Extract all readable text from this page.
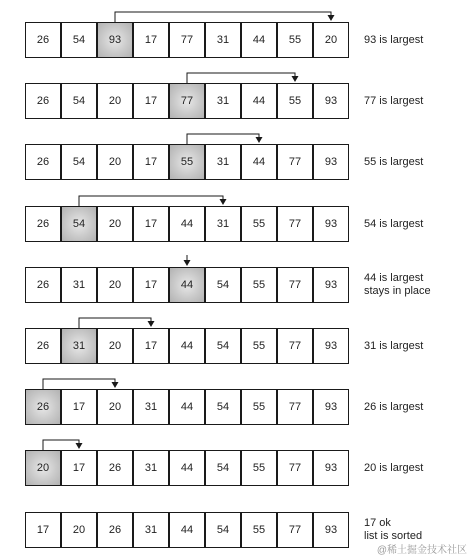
26	54	93	17	77	31	44	55	20	93 is largest
26	54	20	17	77	31	44	55	93	77 is largest
26	54	20	17	55	31	44	77	93	55 is largest
26	54	20	17	44	31	55	77	93	54 is largest
26	31	20	17	44	54	55	77	93
44 is largest
stays in place
26	31	20	17	44	54	55	77	93	31 is largest
26	17	20	31	44	54	55	77	93	26 is largest
20	17	26	31	44	54	55	77	93	20 is largest
17	20	26	31	44	54	55	77	93
17 ok
list is sorted
@稀土掘金技术社区
